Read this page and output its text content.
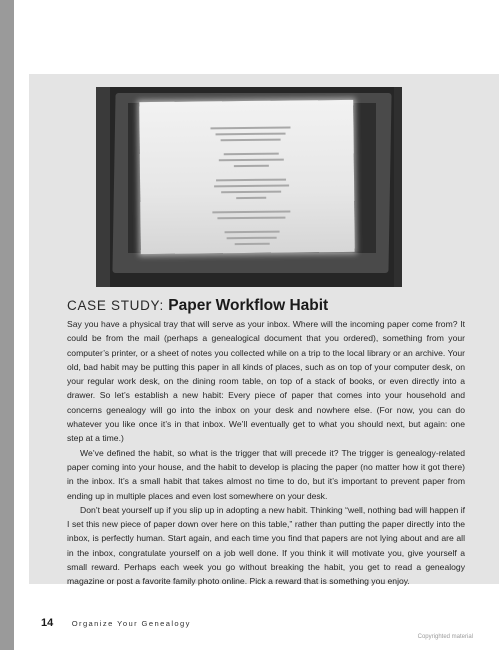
CASE STUDY: Paper Workflow Habit

Say you have a physical tray that will serve as your inbox. Where will the incoming paper come from? It could be from the mail (perhaps a genealogical document that you ordered), something from your computer’s printer, or a sheet of notes you collected while on a trip to the local library or an archive. Your old, bad habit may be putting this paper in all kinds of places, such as on top of your computer desk, on your regular work desk, on the dining room table, on top of a stack of books, or even directly into a drawer. So let’s establish a new habit: Every piece of paper that comes into your household and concerns genealogy will go into the inbox on your desk and nowhere else. (For now, you can do whatever you like once it’s in that inbox. We’ll eventually get to what you should next, but again: one step at a time.)

We’ve defined the habit, so what is the trigger that will precede it? The trigger is genealogy-related paper coming into your house, and the habit to develop is placing the paper (no matter how it got there) in the inbox. It’s a small habit that takes almost no time to do, but it’s important to prevent paper from ending up in multiple places and even lost somewhere on your desk.

Don’t beat yourself up if you slip up in adopting a new habit. Thinking “well, nothing bad will happen if I set this new piece of paper down over here on this table,” rather than putting the paper directly into the inbox, is perfectly human. Start again, and each time you find that papers are not lying about and are all in the inbox, congratulate yourself on a job well done. If you think it will motivate you, give yourself a small reward. Perhaps each week you go without breaking the habit, you get to read a genealogy magazine or post a favorite family photo online. Pick a reward that is something you enjoy.

14 Organize Your Genealogy
Copyrighted material
